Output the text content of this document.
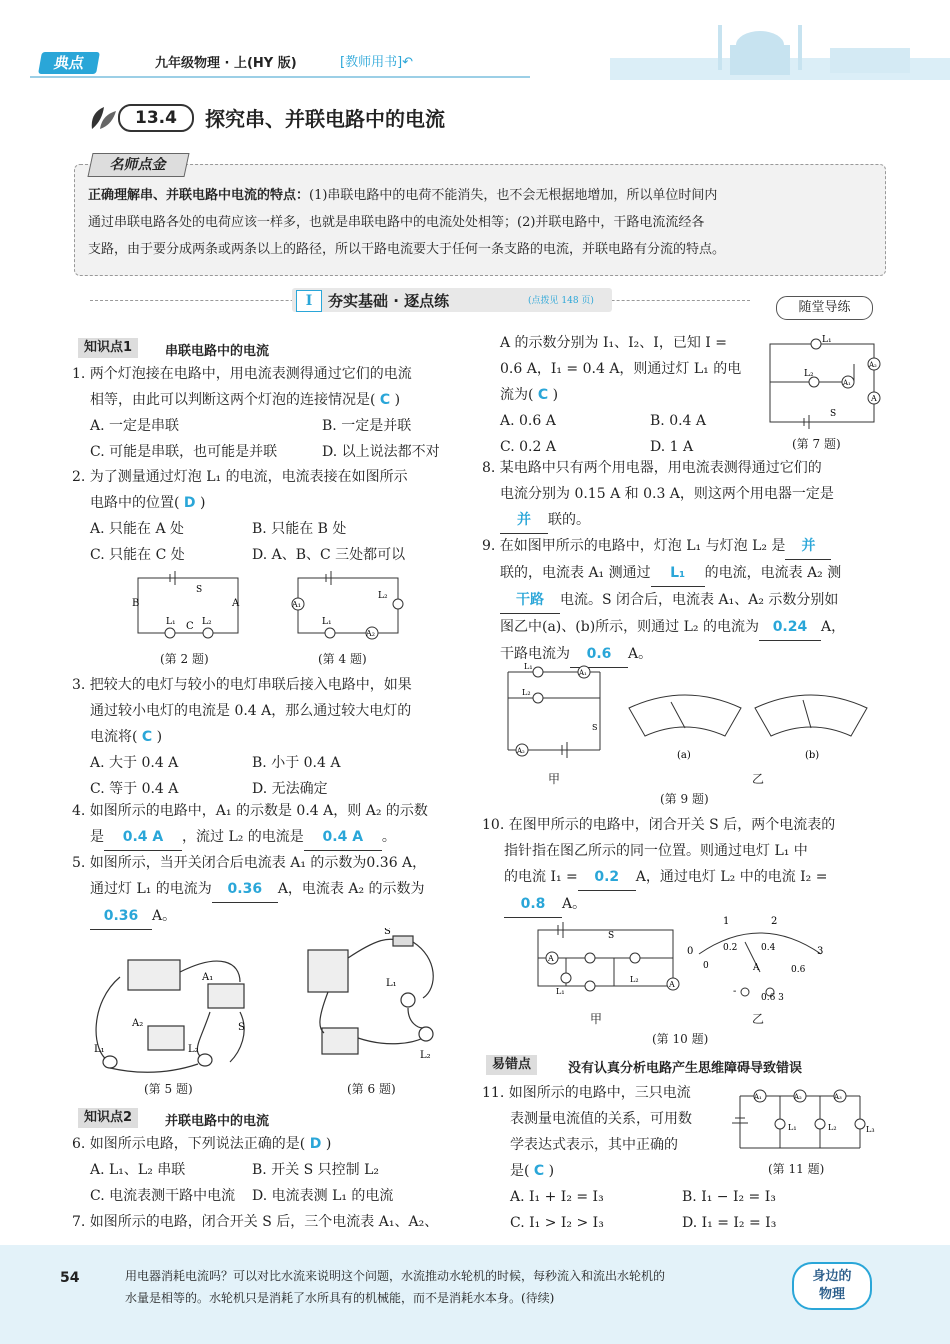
典点	九年级物理 · 上(HY 版)	[教师用书]↶
13.4	探究串、并联电路中的电流
名师点金
正确理解串、并联电路中电流的特点：(1)串联电路中的电荷不能消失，也不会无根据地增加，所以单位时间内
通过串联电路各处的电荷应该一样多，也就是串联电路中的电流处处相等；(2)并联电路中，干路电流流经各
支路，由于要分成两条或两条以上的路径，所以干路电流要大于任何一条支路的电流，并联电路有分流的特点。
Ⅰ	夯实基础 · 逐点练	(点拨见 148 页)	随堂导练
知识点1	串联电路中的电流
1. 两个灯泡接在电路中，用电流表测得通过它们的电流
相等，由此可以判断这两个灯泡的连接情况是( C )
A. 一定是串联	B. 一定是并联
C. 可能是串联，也可能是并联	D. 以上说法都不对
2. 为了测量通过灯泡 L₁ 的电流，电流表接在如图所示
电路中的位置( D )
A. 只能在 A 处	B. 只能在 B 处
C. 只能在 C 处	D. A、B、C 三处都可以
B	A
C
L₁	L₂
S
(第 2 题)
A₁
A₂
L₂
L₁
(第 4 题)
3. 把较大的电灯与较小的电灯串联后接入电路中，如果
通过较小电灯的电流是 0.4 A，那么通过较大电灯的
电流将( C )
A. 大于 0.4 A	B. 小于 0.4 A
C. 等于 0.4 A	D. 无法确定
4. 如图所示的电路中，A₁ 的示数是 0.4 A，则 A₂ 的示数
是 0.4 A ，流过 L₂ 的电流是 0.4 A 。
5. 如图所示，当开关闭合后电流表 A₁ 的示数为0.36 A，
通过灯 L₁ 的电流为 0.36 A，电流表 A₂ 的示数为
0.36 A。
A₁
A₂	S
L₁	L₂
(第 5 题)
S
L₁
L₂
(第 6 题)
知识点2	并联电路中的电流
6. 如图所示电路，下列说法正确的是( D )
A. L₁、L₂ 串联	B. 开关 S 只控制 L₂
C. 电流表测干路中电流 D. 电流表测 L₁ 的电流
7. 如图所示的电路，闭合开关 S 后，三个电流表 A₁、A₂、
A 的示数分别为 I₁、I₂、I，已知 I =
0.6 A，I₁ = 0.4 A，则通过灯 L₁ 的电
流为( C )
A. 0.6 A	B. 0.4 A
C. 0.2 A	D. 1 A
L₁
L₂
A₂
A₁
A
S
(第 7 题)
8. 某电路中只有两个用电器，用电流表测得通过它们的
电流分别为 0.15 A 和 0.3 A，则这两个用电器一定是
并 联的。
9. 在如图甲所示的电路中，灯泡 L₁ 与灯泡 L₂ 是 并
联的，电流表 A₁ 测通过 L₁ 的电流，电流表 A₂ 测
干路 电流。S 闭合后，电流表 A₁、A₂ 示数分别如
图乙中(a)、(b)所示，则通过 L₂ 的电流为 0.24 A，
干路电流为 0.6 A。
L₁
L₂
A₁
A₂
S
(a)	(b)
甲	乙
(第 9 题)
10. 在图甲所示的电路中，闭合开关 S 后，两个电流表的
指针指在图乙所示的同一位置。则通过电灯 L₁ 中
的电流 I₁ = 0.2 A，通过电灯 L₂ 中的电流 I₂ =
0.8 A。
A
A
S
L₁
L₂
1	2
0	3
0.2	0.4
0	0.6
A
0.6 3
-
甲	乙
(第 10 题)
易错点	没有认真分析电路产生思维障碍导致错误
11. 如图所示的电路中，三只电流
表测量电流值的关系，可用数
学表达式表示，其中正确的
是( C )
A. I₁ + I₂ = I₃	B. I₁ − I₂ = I₃
C. I₁ > I₂ > I₃	D. I₁ = I₂ = I₃
A₁	A₂	A₃
L₁	L₂	L₃
(第 11 题)
54	用电器消耗电流吗？可以对比水流来说明这个问题，水流推动水轮机的时候，每秒流入和流出水轮机的
水量是相等的。水轮机只是消耗了水所具有的机械能，而不是消耗水本身。(待续)
身边的
物理
